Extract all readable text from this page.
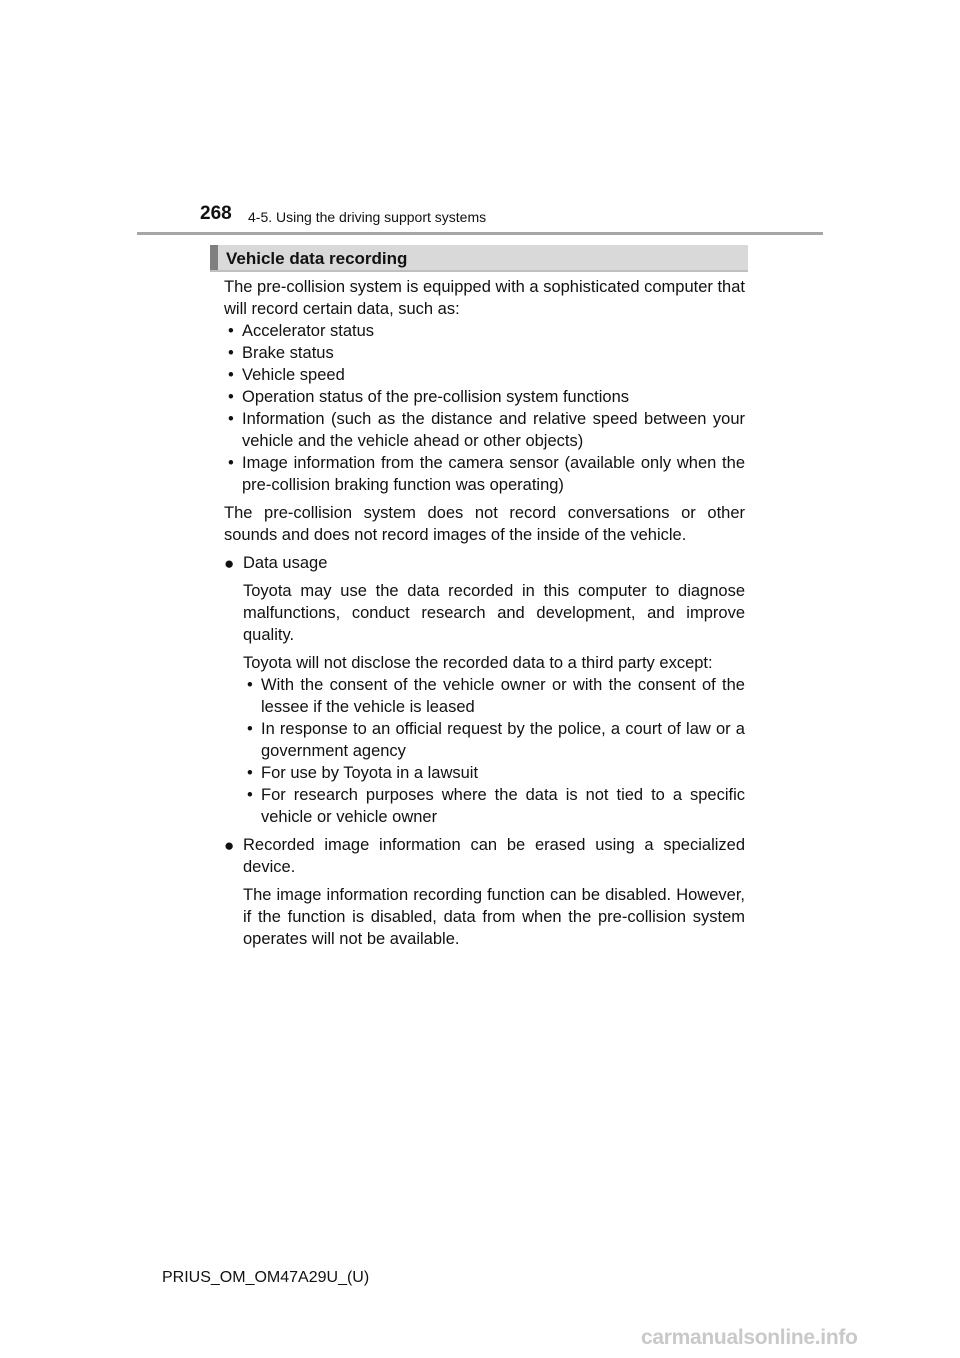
268 4-5. Using the driving support systems
Vehicle data recording

The pre-collision system is equipped with a sophisticated computer that will record certain data, such as:

• Accelerator status
• Brake status
• Vehicle speed
• Operation status of the pre-collision system functions
• Information (such as the distance and relative speed between your vehicle and the vehicle ahead or other objects)
• Image information from the camera sensor (available only when the pre-collision braking function was operating)

The pre-collision system does not record conversations or other sounds and does not record images of the inside of the vehicle.

● Data usage

Toyota may use the data recorded in this computer to diagnose malfunctions, conduct research and development, and improve quality.

Toyota will not disclose the recorded data to a third party except:

• With the consent of the vehicle owner or with the consent of the lessee if the vehicle is leased
• In response to an official request by the police, a court of law or a government agency
• For use by Toyota in a lawsuit
• For research purposes where the data is not tied to a specific vehicle or vehicle owner
● Recorded image information can be erased using a specialized device.

The image information recording function can be disabled. However, if the function is disabled, data from when the pre-collision system operates will not be available.

PRIUS_OM_OM47A29U_(U)
carmanualsonline.info
